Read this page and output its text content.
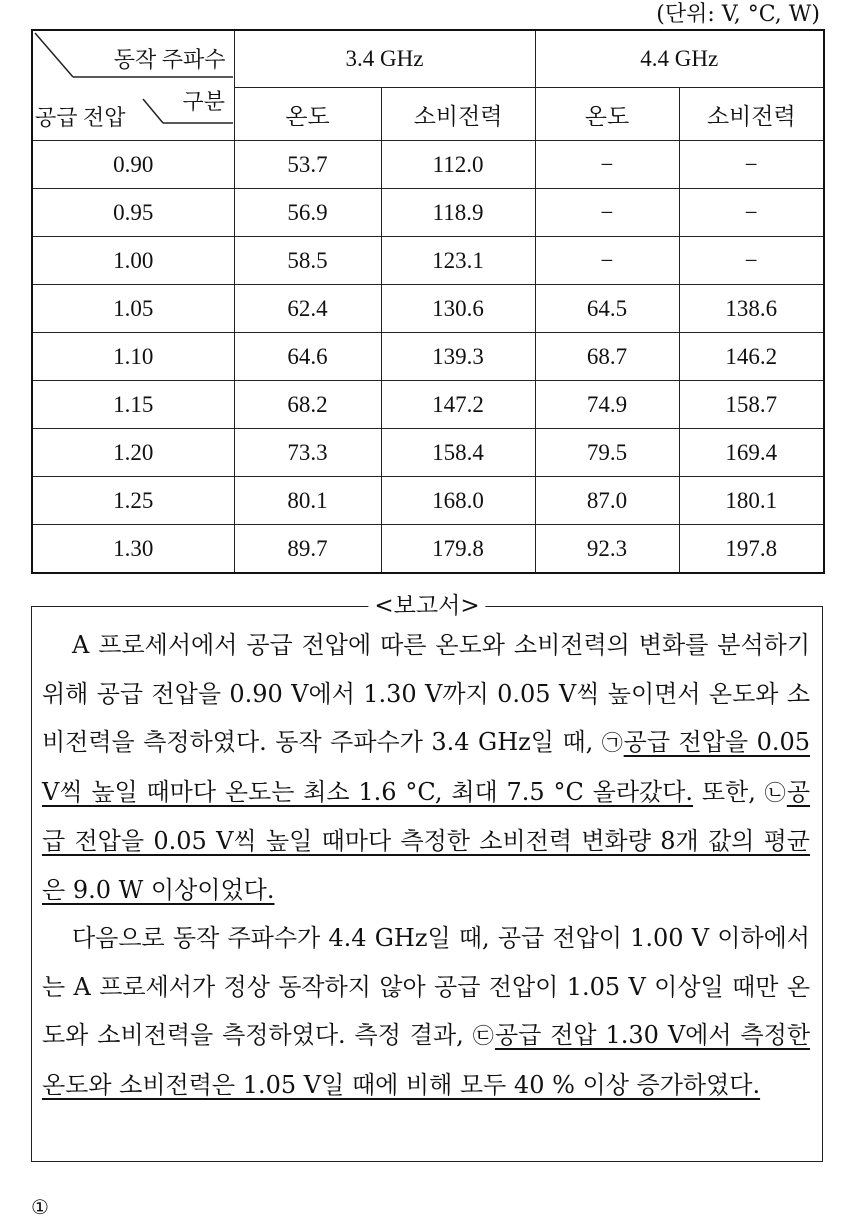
(단위: V, °C, W)
동작 주파수
공급 전압	3.4 GHz		4.4 GHz	
	온도	소비전력	온도	소비전력
0.90	53.7	112.0	−	−
0.95	56.9	118.9	−	−
1.00	58.5	123.1	−	−
1.05	62.4	130.6	64.5	138.6
1.10	64.6	139.3	68.7	146.2
1.15	68.2	147.2	74.9	158.7
1.20	73.3	158.4	79.5	169.4
1.25	80.1	168.0	87.0	180.1
1.30	89.7	179.8	92.3	197.8
구분
<보고서>

A 프로세서에서 공급 전압에 따른 온도와 소비전력의 변화를 분석하기 위해 공급 전압을 0.90 V에서 1.30 V까지 0.05 V씩 높이면서 온도와 소비전력을 측정하였다. 동작 주파수가 3.4 GHz일 때, ㉠공급 전압을 0.05 V씩 높일 때마다 온도는 최소 1.6 °C, 최대 7.5 °C 올라갔다. 또한, ㉡공급 전압을 0.05 V씩 높일 때마다 측정한 소비전력 변화량 8개 값의 평균은 9.0 W 이상이었다.

다음으로 동작 주파수가 4.4 GHz일 때, 공급 전압이 1.00 V 이하에서는 A 프로세서가 정상 동작하지 않아 공급 전압이 1.05 V 이상일 때만 온도와 소비전력을 측정하였다. 측정 결과, ㉢공급 전압 1.30 V에서 측정한 온도와 소비전력은 1.05 V일 때에 비해 모두 40 % 이상 증가하였다.

①
